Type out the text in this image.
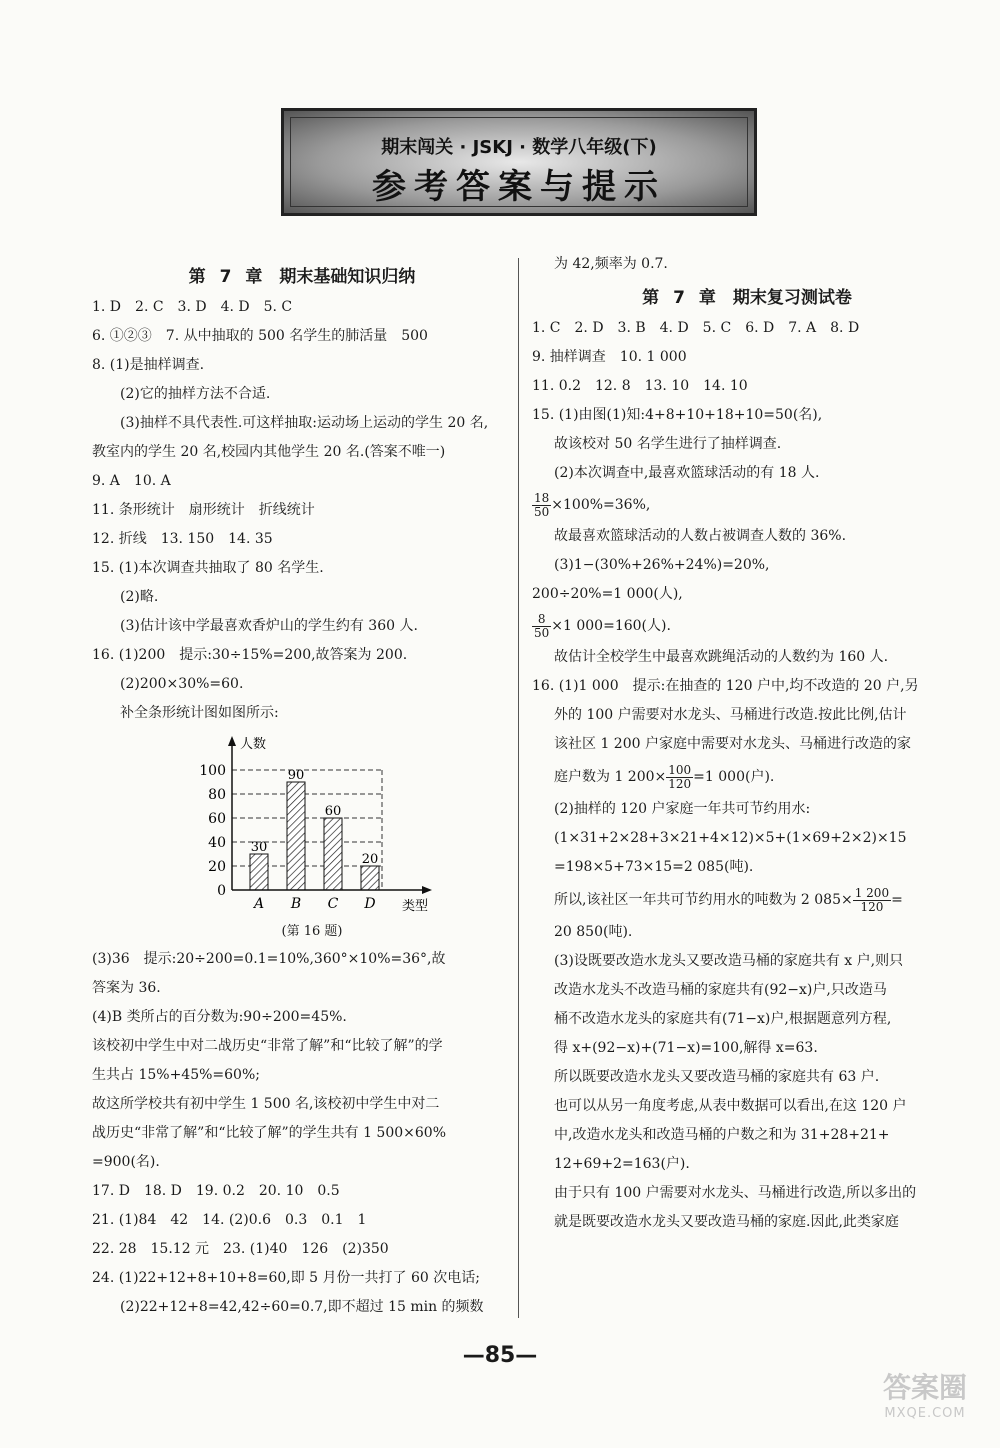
期末闯关 · JSKJ · 数学八年级(下)
参考答案与提示
第 7 章　期末基础知识归纳
1. D　2. C　3. D　4. D　5. C
6. ①②③　7. 从中抽取的 500 名学生的肺活量　500
8. (1)是抽样调查.
(2)它的抽样方法不合适.
(3)抽样不具代表性.可这样抽取:运动场上运动的学生 20 名,
教室内的学生 20 名,校园内其他学生 20 名.(答案不唯一)
9. A　10. A
11. 条形统计　扇形统计　折线统计
12. 折线　13. 150　14. 35
15. (1)本次调查共抽取了 80 名学生.
(2)略.
(3)估计该中学最喜欢香炉山的学生约有 360 人.
16. (1)200　提示:30÷15%=200,故答案为 200.
(2)200×30%=60.
补全条形统计图如图所示:
0
20
40
60
80
100
30
A
90
B
60
C
20
D
人数
类型
(第 16 题)
(3)36　提示:20÷200=0.1=10%,360°×10%=36°,故
答案为 36.
(4)B 类所占的百分数为:90÷200=45%.
该校初中学生中对二战历史“非常了解”和“比较了解”的学
生共占 15%+45%=60%;
故这所学校共有初中学生 1 500 名,该校初中学生中对二
战历史“非常了解”和“比较了解”的学生共有 1 500×60%
=900(名).
17. D　18. D　19. 0.2　20. 10　0.5
21. (1)84　42　14. (2)0.6　0.3　0.1　1
22. 28　15.12 元　23. (1)40　126　(2)350
24. (1)22+12+8+10+8=60,即 5 月份一共打了 60 次电话;
(2)22+12+8=42,42÷60=0.7,即不超过 15 min 的频数
为 42,频率为 0.7.
第 7 章　期末复习测试卷
1. C　2. D　3. B　4. D　5. C　6. D　7. A　8. D
9. 抽样调查　10. 1 000
11. 0.2　12. 8　13. 10　14. 10
15. (1)由图(1)知:4+8+10+18+10=50(名),
故该校对 50 名学生进行了抽样调查.
(2)本次调查中,最喜欢篮球活动的有 18 人.
$\frac{18}{50} \times 100\%=36\%$,
故最喜欢篮球活动的人数占被调查人数的 36%.
(3)1−(30%+26%+24%)=20%,
200÷20%=1 000(人),
$\frac{8}{50} \times 1$ 000=160(人).
故估计全校学生中最喜欢跳绳活动的人数约为 160 人.
16. (1)1 000　提示:在抽查的 120 户中,均不改造的 20 户,另
外的 100 户需要对水龙头、马桶进行改造.按此比例,估计
该社区 1 200 户家庭中需要对水龙头、马桶进行改造的家
庭户数为 1 $200\times \frac{100}{120} =1$ 000(户).
(2)抽样的 120 户家庭一年共可节约用水:
(1×31+2×28+3×21+4×12)×5+(1×69+2×2)×15
=198×5+73×15=2 085(吨).
所以,该社区一年共可节约用水的吨数为 2 $085\times \frac{1 200}{120}$ =
20 850(吨).
(3)设既要改造水龙头又要改造马桶的家庭共有 x 户,则只
改造水龙头不改造马桶的家庭共有(92−x)户,只改造马
桶不改造水龙头的家庭共有(71−x)户,根据题意列方程,
得 x+(92−x)+(71−x)=100,解得 x=63.
所以既要改造水龙头又要改造马桶的家庭共有 63 户.
也可以从另一角度考虑,从表中数据可以看出,在这 120 户
中,改造水龙头和改造马桶的户数之和为 31+28+21+
12+69+2=163(户).
由于只有 100 户需要对水龙头、马桶进行改造,所以多出的
就是既要改造水龙头又要改造马桶的家庭.因此,此类家庭
—85—
答案圈
MXQE.COM
